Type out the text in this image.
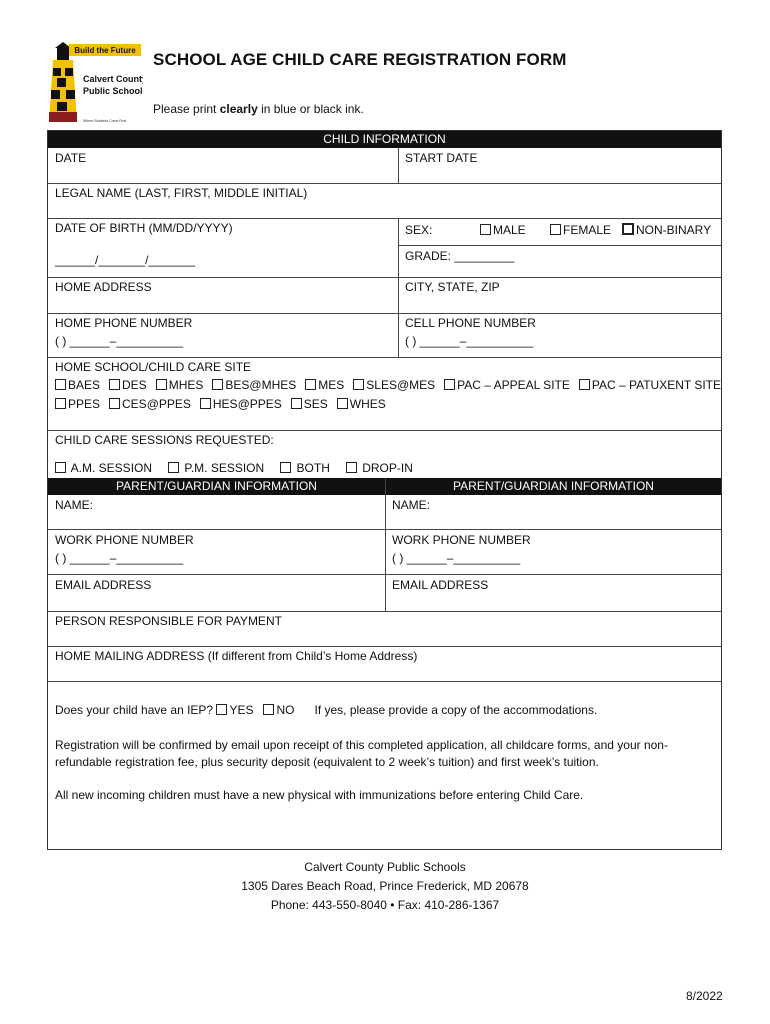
Build the Future
Calvert County
Public Schools
Where Students Come First
SCHOOL AGE CHILD CARE REGISTRATION FORM
Please print clearly in blue or black ink.
CHILD INFORMATION
DATE	START DATE
LEGAL NAME (LAST, FIRST, MIDDLE INITIAL)
DATE OF BIRTH (MM/DD/YYYY)
______/_______/_______
SEX:	MALE	FEMALE	NON-BINARY
GRADE: _________
HOME ADDRESS	CITY, STATE, ZIP
HOME PHONE NUMBER
( ) ______–__________
CELL PHONE NUMBER
( ) ______–__________
HOME SCHOOL/CHILD CARE SITE
BAES DES MHES BES@MHES MES SLES@MES PAC – APPEAL SITE PAC – PATUXENT SITE
PPES CES@PPES HES@PPES SES WHES
CHILD CARE SESSIONS REQUESTED:
A.M. SESSION	P.M. SESSION	BOTH	DROP-IN
PARENT/GUARDIAN INFORMATION	PARENT/GUARDIAN INFORMATION
NAME:	NAME:
WORK PHONE NUMBER
( ) ______–__________
WORK PHONE NUMBER
( ) ______–__________
EMAIL ADDRESS	EMAIL ADDRESS
PERSON RESPONSIBLE FOR PAYMENT
HOME MAILING ADDRESS (If different from Child’s Home Address)
Does your child have an IEP? YES NO If yes, please provide a copy of the accommodations.
Registration will be confirmed by email upon receipt of this completed application, all childcare forms, and your non-refundable registration fee, plus security deposit (equivalent to 2 week’s tuition) and first week’s tuition.
All new incoming children must have a new physical with immunizations before entering Child Care.
Calvert County Public Schools
1305 Dares Beach Road, Prince Frederick, MD 20678
Phone: 443-550-8040 • Fax: 410-286-1367
8/2022
